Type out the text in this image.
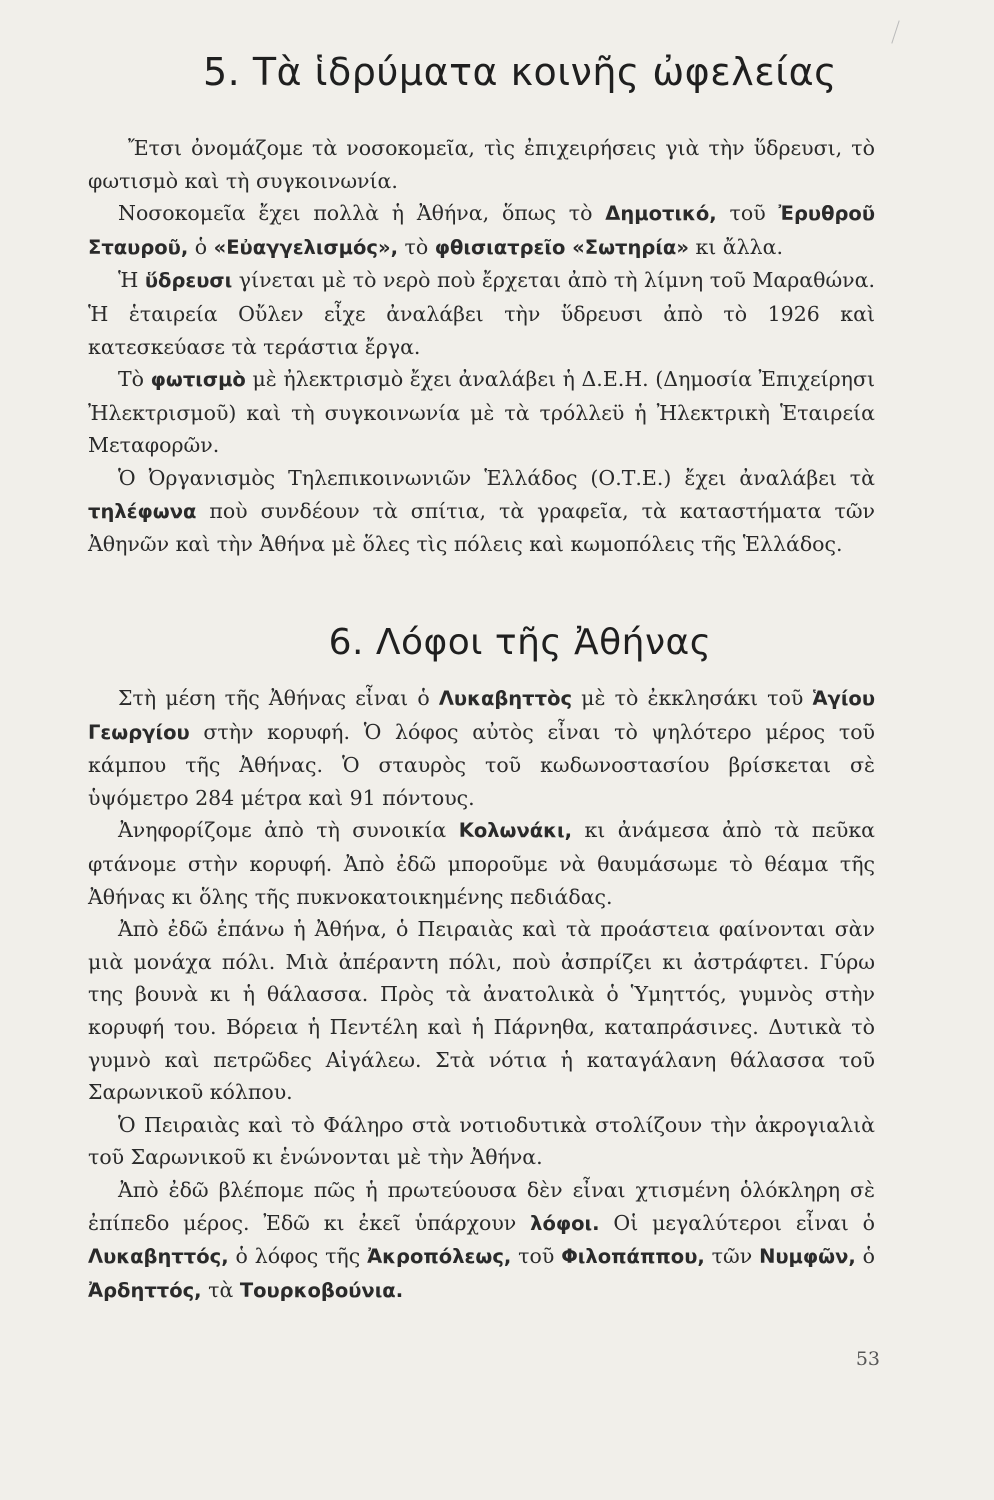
5. Τὰ ἱδρύματα κοινῆς ὠφελείας

Ἔτσι ὀνομάζομε τὰ νοσοκομεῖα, τὶς ἐπιχειρήσεις γιὰ τὴν ὕδρευσι, τὸ φωτισμὸ καὶ τὴ συγκοινωνία.

Νοσοκομεῖα ἔχει πολλὰ ἡ Ἀθήνα, ὅπως τὸ Δημοτικό, τοῦ Ἐρυθροῦ Σταυροῦ, ὁ «Εὐαγγελισμός», τὸ φθισιατρεῖο «Σωτηρία» κι ἄλλα.

Ἡ ὕδρευσι γίνεται μὲ τὸ νερὸ ποὺ ἔρχεται ἀπὸ τὴ λίμνη τοῦ Μαραθώνα. Ἡ ἑταιρεία Οὔλεν εἶχε ἀναλάβει τὴν ὕδρευσι ἀπὸ τὸ 1926 καὶ κατεσκεύασε τὰ τεράστια ἔργα.

Τὸ φωτισμὸ μὲ ἠλεκτρισμὸ ἔχει ἀναλάβει ἡ Δ.Ε.Η. (Δημοσία Ἐπιχείρησι Ἠλεκτρισμοῦ) καὶ τὴ συγκοινωνία μὲ τὰ τρόλλεϋ ἡ Ἠλεκτρικὴ Ἑταιρεία Μεταφορῶν.

Ὁ Ὀργανισμὸς Τηλεπικοινωνιῶν Ἑλλάδος (Ο.Τ.Ε.) ἔχει ἀναλάβει τὰ τηλέφωνα ποὺ συνδέουν τὰ σπίτια, τὰ γραφεῖα, τὰ καταστήματα τῶν Ἀθηνῶν καὶ τὴν Ἀθήνα μὲ ὅλες τὶς πόλεις καὶ κωμοπόλεις τῆς Ἑλλάδος.

6. Λόφοι τῆς Ἀθήνας

Στὴ μέση τῆς Ἀθήνας εἶναι ὁ Λυκαβηττὸς μὲ τὸ ἐκκλησάκι τοῦ Ἁγίου Γεωργίου στὴν κορυφή. Ὁ λόφος αὐτὸς εἶναι τὸ ψηλότερο μέρος τοῦ κάμπου τῆς Ἀθήνας. Ὁ σταυρὸς τοῦ κωδωνοστασίου βρίσκεται σὲ ὑψόμετρο 284 μέτρα καὶ 91 πόντους.

Ἀνηφορίζομε ἀπὸ τὴ συνοικία Κολωνάκι, κι ἀνάμεσα ἀπὸ τὰ πεῦκα φτάνομε στὴν κορυφή. Ἀπὸ ἐδῶ μποροῦμε νὰ θαυμάσωμε τὸ θέαμα τῆς Ἀθήνας κι ὅλης τῆς πυκνοκατοικημένης πεδιάδας.

Ἀπὸ ἐδῶ ἐπάνω ἡ Ἀθήνα, ὁ Πειραιὰς καὶ τὰ προάστεια φαίνονται σὰν μιὰ μονάχα πόλι. Μιὰ ἀπέραντη πόλι, ποὺ ἀσπρίζει κι ἀστράφτει. Γύρω της βουνὰ κι ἡ θάλασσα. Πρὸς τὰ ἀνατολικὰ ὁ Ὑμηττός, γυμνὸς στὴν κορυφή του. Βόρεια ἡ Πεντέλη καὶ ἡ Πάρνηθα, καταπράσινες. Δυτικὰ τὸ γυμνὸ καὶ πετρῶδες Αἰγάλεω. Στὰ νότια ἡ καταγάλανη θάλασσα τοῦ Σαρωνικοῦ κόλπου.

Ὁ Πειραιὰς καὶ τὸ Φάληρο στὰ νοτιοδυτικὰ στολίζουν τὴν ἀκρογιαλιὰ τοῦ Σαρωνικοῦ κι ἑνώνονται μὲ τὴν Ἀθήνα.

Ἀπὸ ἐδῶ βλέπομε πῶς ἡ πρωτεύουσα δὲν εἶναι χτισμένη ὁλόκληρη σὲ ἐπίπεδο μέρος. Ἐδῶ κι ἐκεῖ ὑπάρχουν λόφοι. Οἱ μεγαλύτεροι εἶναι ὁ Λυκαβηττός, ὁ λόφος τῆς Ἀκροπόλεως, τοῦ Φιλοπάππου, τῶν Νυμφῶν, ὁ Ἀρδηττός, τὰ Τουρκοβούνια.

53
